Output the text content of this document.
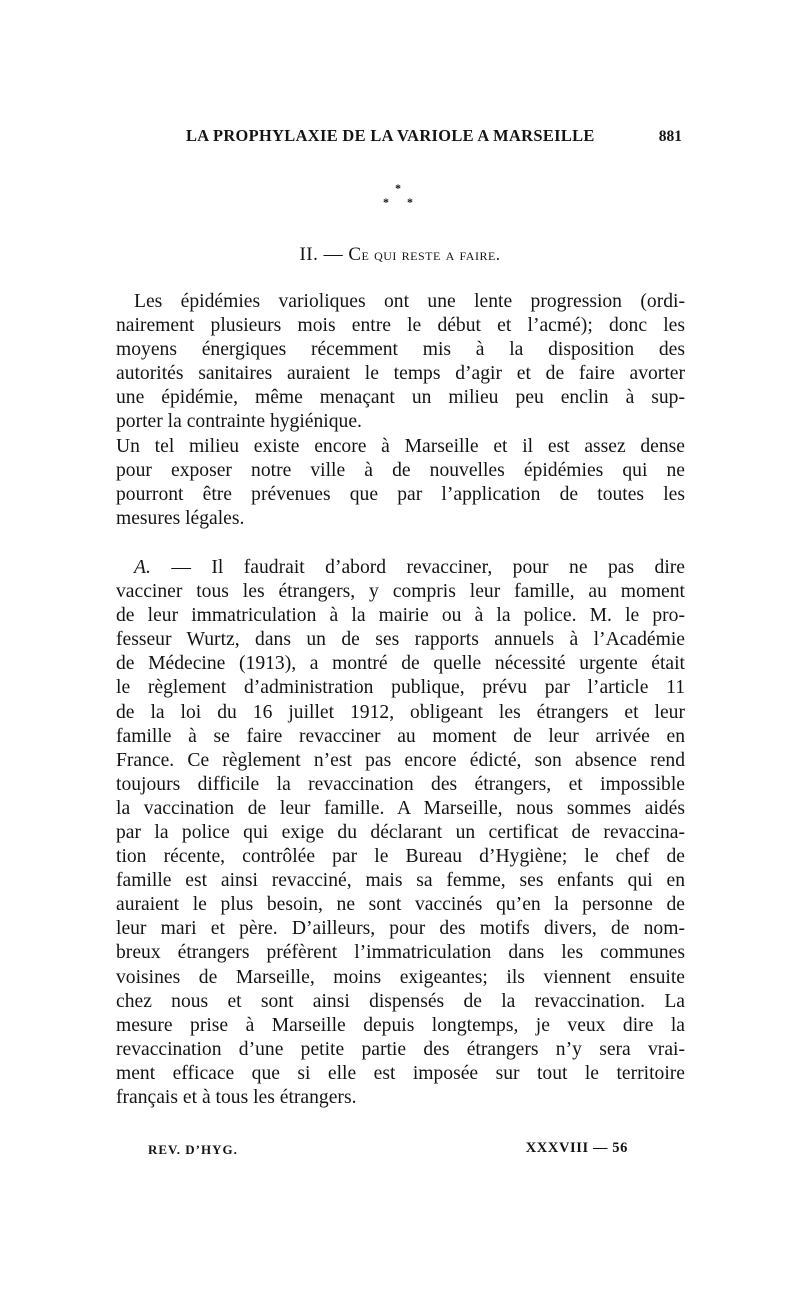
LA PROPHYLAXIE DE LA VARIOLE A MARSEILLE	881
*
* *
II. — Ce qui reste a faire.

Les épidémies varioliques ont une lente progression (ordi-
nairement plusieurs mois entre le début et l’acmé); donc les
moyens énergiques récemment mis à la disposition des
autorités sanitaires auraient le temps d’agir et de faire avorter
une épidémie, même menaçant un milieu peu enclin à sup-
porter la contrainte hygiénique.

Un tel milieu existe encore à Marseille et il est assez dense
pour exposer notre ville à de nouvelles épidémies qui ne
pourront être prévenues que par l’application de toutes les
mesures légales.

A. — Il faudrait d’abord revacciner, pour ne pas dire
vacciner tous les étrangers, y compris leur famille, au moment
de leur immatriculation à la mairie ou à la police. M. le pro-
fesseur Wurtz, dans un de ses rapports annuels à l’Académie
de Médecine (1913), a montré de quelle nécessité urgente était
le règlement d’administration publique, prévu par l’article 11
de la loi du 16 juillet 1912, obligeant les étrangers et leur
famille à se faire revacciner au moment de leur arrivée en
France. Ce règlement n’est pas encore édicté, son absence rend
toujours difficile la revaccination des étrangers, et impossible
la vaccination de leur famille. A Marseille, nous sommes aidés
par la police qui exige du déclarant un certificat de revaccina-
tion récente, contrôlée par le Bureau d’Hygiène; le chef de
famille est ainsi revacciné, mais sa femme, ses enfants qui en
auraient le plus besoin, ne sont vaccinés qu’en la personne de
leur mari et père. D’ailleurs, pour des motifs divers, de nom-
breux étrangers préfèrent l’immatriculation dans les communes
voisines de Marseille, moins exigeantes; ils viennent ensuite
chez nous et sont ainsi dispensés de la revaccination. La
mesure prise à Marseille depuis longtemps, je veux dire la
revaccination d’une petite partie des étrangers n’y sera vrai-
ment efficace que si elle est imposée sur tout le territoire
français et à tous les étrangers.

REV. D’HYG.	XXXVIII — 56
